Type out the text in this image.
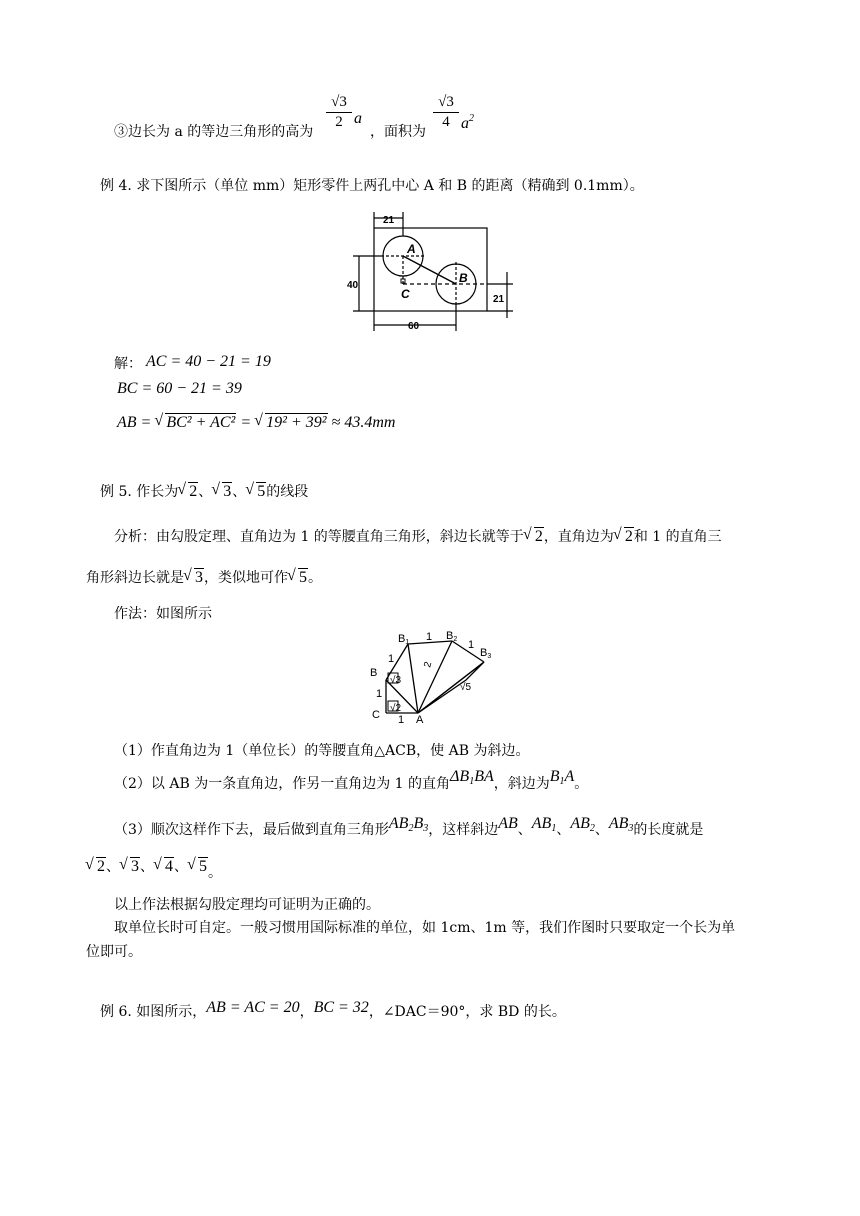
③边长为 a 的等边三角形的高为
√3
2 a
，面积为
√3
4 $a^2$
例 4. 求下图所示（单位 mm）矩形零件上两孔中心 A 和 B 的距离（精确到 0.1mm）。
21
40
21
60
A
B
C
解： AC = 40 − 21 = 19
BC = 60 − 21 = 39
AB = √ BC² + AC² = √ 19² + 39² ≈ 43.4mm
例 5. 作长为 √ 2、 √ 3、 √ 5的线段
分析：由勾股定理、直角边为 1 的等腰直角三角形，斜边长就等于 √ 2，直角边为 √ 2和 1 的直角三
角形斜边长就是 √ 3，类似地可作 √ 5。
作法：如图所示
B
C	A
B1
B2
B3
1
1
1
1
1
√2
√3
2
√5
（1）作直角边为 1（单位长）的等腰直角△ACB，使 AB 为斜边。
（2）以 AB 为一条直角边，作另一直角边为 1 的直角$\Delta B_1BA$，斜边为$B_1A$。
（3）顺次这样作下去，最后做到直角三角形$AB_2B_3$，这样斜边AB、$AB_1$、$AB_2$、$AB_3$的长度就是
√ 2、 √ 3、 √ 4、 √ 5。
以上作法根据勾股定理均可证明为正确的。
取单位长时可自定。一般习惯用国际标准的单位，如 1cm、1m 等，我们作图时只要取定一个长为单
位即可。
例 6. 如图所示，AB = AC = 20，BC = 32，∠DAC＝90°，求 BD 的长。
